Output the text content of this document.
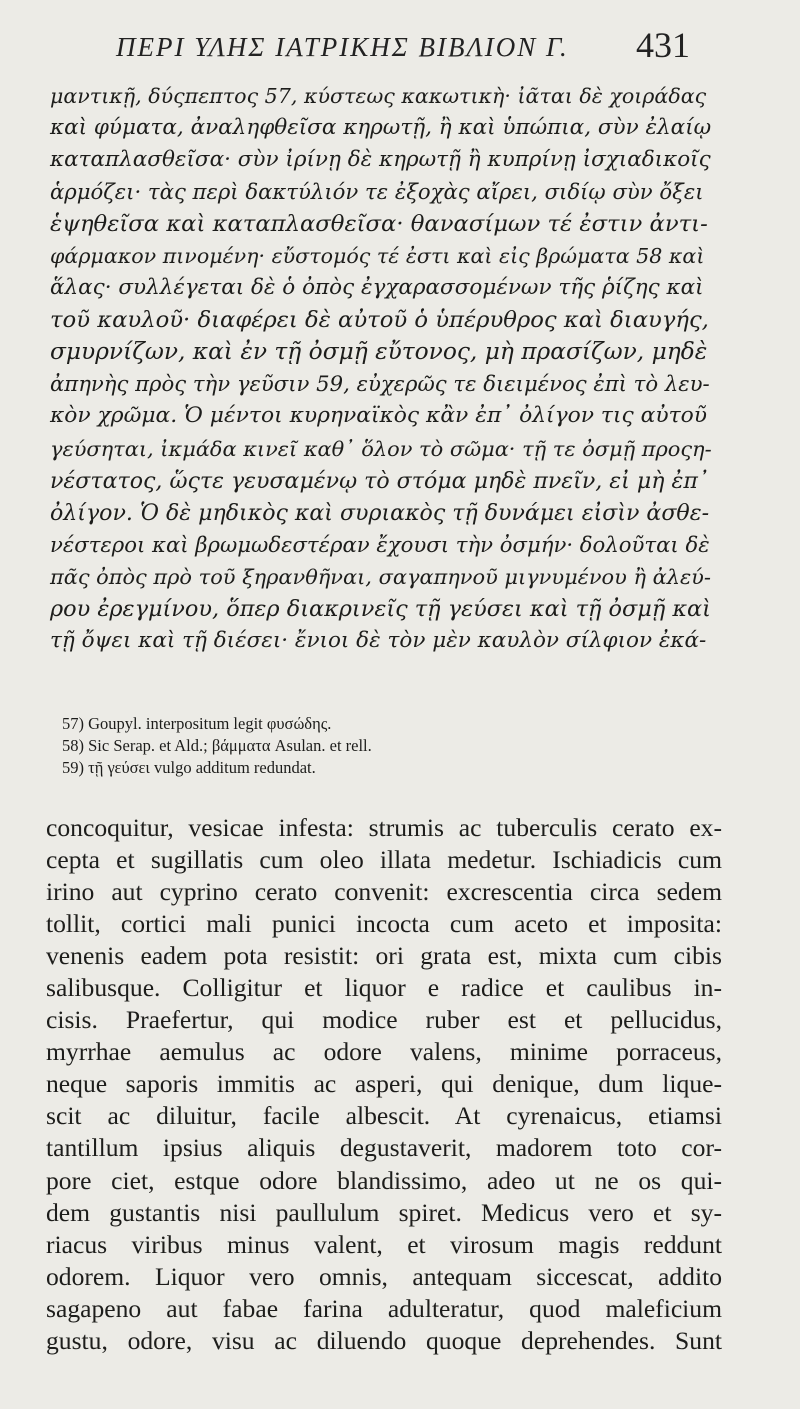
ΠΕΡΙ ΥΛΗΣ ΙΑΤΡΙΚΗΣ ΒΙΒΛΙΟΝ Γ.	431
μαντικῇ, δύςπεπτος 57, κύστεως κακωτικὴ· ἰᾶται δὲ χοιράδας
καὶ φύματα, ἀναληφθεῖσα κηρωτῇ, ἢ καὶ ὑπώπια, σὺν ἐλαίῳ
καταπλασθεῖσα· σὺν ἰρίνῃ δὲ κηρωτῇ ἢ κυπρίνῃ ἰσχιαδικοῖς
ἁρμόζει· τὰς περὶ δακτύλιόν τε ἐξοχὰς αἴρει, σιδίῳ σὺν ὄξει
ἑψηθεῖσα καὶ καταπλασθεῖσα· θανασίμων τέ ἐστιν ἀντι-
φάρμακον πινομένη· εὔστομός τέ ἐστι καὶ εἰς βρώματα 58 καὶ
ἅλας· συλλέγεται δὲ ὁ ὀπὸς ἐγχαρασσομένων τῆς ῥίζης καὶ
τοῦ καυλοῦ· διαφέρει δὲ αὐτοῦ ὁ ὑπέρυθρος καὶ διαυγής,
σμυρνίζων, καὶ ἐν τῇ ὀσμῇ εὔτονος, μὴ πρασίζων, μηδὲ
ἀπηνὴς πρὸς τὴν γεῦσιν 59, εὐχερῶς τε διειμένος ἐπὶ τὸ λευ-
κὸν χρῶμα. Ὁ μέντοι κυρηναϊκὸς κἂν ἐπ᾽ ὀλίγον τις αὐτοῦ
γεύσηται, ἰκμάδα κινεῖ καθ᾽ ὅλον τὸ σῶμα· τῇ τε ὀσμῇ προςη-
νέστατος, ὥςτε γευσαμένῳ τὸ στόμα μηδὲ πνεῖν, εἰ μὴ ἐπ᾽
ὀλίγον. Ὁ δὲ μηδικὸς καὶ συριακὸς τῇ δυνάμει εἰσὶν ἀσθε-
νέστεροι καὶ βρωμωδεστέραν ἔχουσι τὴν ὀσμήν· δολοῦται δὲ
πᾶς ὀπὸς πρὸ τοῦ ξηρανθῆναι, σαγαπηνοῦ μιγνυμένου ἢ ἀλεύ-
ρου ἐρεγμίνου, ὅπερ διακρινεῖς τῇ γεύσει καὶ τῇ ὀσμῇ καὶ
τῇ ὄψει καὶ τῇ διέσει· ἔνιοι δὲ τὸν μὲν καυλὸν σίλφιον ἐκά-
57) Goupyl. interpositum legit φυσώδης.
58) Sic Serap. et Ald.; βάμματα Asulan. et rell.
59) τῇ γεύσει vulgo additum redundat.
concoquitur, vesicae infesta: strumis ac tuberculis cerato ex-
cepta et sugillatis cum oleo illata medetur. Ischiadicis cum
irino aut cyprino cerato convenit: excrescentia circa sedem
tollit, cortici mali punici incocta cum aceto et imposita:
venenis eadem pota resistit: ori grata est, mixta cum cibis
salibusque. Colligitur et liquor e radice et caulibus in-
cisis. Praefertur, qui modice ruber est et pellucidus,
myrrhae aemulus ac odore valens, minime porraceus,
neque saporis immitis ac asperi, qui denique, dum lique-
scit ac diluitur, facile albescit. At cyrenaicus, etiamsi
tantillum ipsius aliquis degustaverit, madorem toto cor-
pore ciet, estque odore blandissimo, adeo ut ne os qui-
dem gustantis nisi paullulum spiret. Medicus vero et sy-
riacus viribus minus valent, et virosum magis reddunt
odorem. Liquor vero omnis, antequam siccescat, addito
sagapeno aut fabae farina adulteratur, quod maleficium
gustu, odore, visu ac diluendo quoque deprehendes. Sunt
